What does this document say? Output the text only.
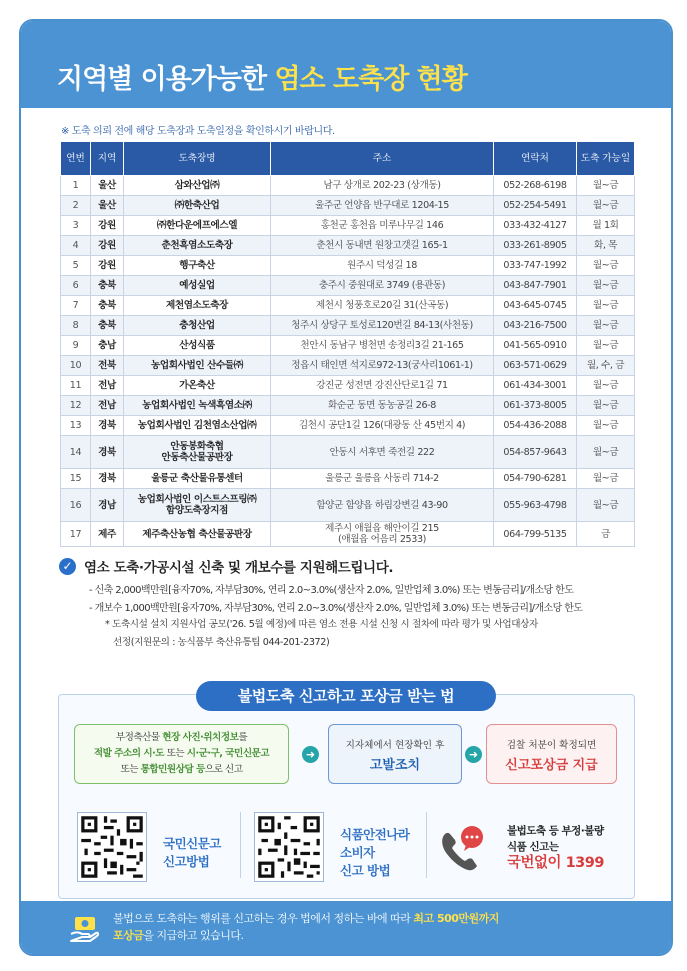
지역별 이용가능한 염소 도축장 현황
※ 도축 의뢰 전에 해당 도축장과 도축일정을 확인하시기 바랍니다.
연번	지역	도축장명	주소	연락처	도축 가능일

1	울산	삼와산업㈜	남구 상개로 202-23 (상개동)	052-268-6198	월~금

2	울산	㈜한축산업	울주군 언양읍 반구대로 1204-15	052-254-5491	월~금

3	강원	㈜한다운에프에스엘	홍천군 홍천읍 미루나무길 146	033-432-4127	월 1회

4	강원	춘천흑염소도축장	춘천시 동내면 원창고갯길 165-1	033-261-8905	화, 목

5	강원	행구축산	원주시 덕성길 18	033-747-1992	월~금

6	충북	예성실업	충주시 중원대로 3749 (용관동)	043-847-7901	월~금

7	충북	제천염소도축장	제천시 청풍호로20길 31(산곡동)	043-645-0745	월~금

8	충북	충청산업	청주시 상당구 토성로120번길 84-13(사천동)	043-216-7500	월~금

9	충남	산성식품	천안시 동남구 병천면 송정리3길 21-165	041-565-0910	월~금

10	전북	농업회사법인 산수들㈜	정읍시 태인면 석지로972-13(궁사리1061-1)	063-571-0629	월, 수, 금

11	전남	가온축산	강진군 성전면 강진산단로1길 71	061-434-3001	월~금

12	전남	농업회사법인 녹색흑염소㈜	화순군 동면 동농공길 26-8	061-373-8005	월~금

13	경북	농업회사법인 김천염소산업㈜	김천시 공단1길 126(대광동 산 45번지 4)	054-436-2088	월~금

14	경북	안동봉화축협
안동축산물공판장	안동시 서후면 죽전길 222	054-857-9643	월~금

15	경북	울릉군 축산물유통센터	울릉군 울릉읍 사동리 714-2	054-790-6281	월~금

16	경남	농업회사법인 이스트스프링㈜
함양도축장지점	함양군 함양읍 하림강변길 43-90	055-963-4798	월~금

17	제주	제주축산농협 축산물공판장	제주시 애월읍 해안이길 215
(애월읍 어음리 2533)	064-799-5135	금
✓ 염소 도축·가공시설 신축 및 개보수를 지원해드립니다.
- 신축 2,000백만원[융자70%, 자부담30%, 연리 2.0~3.0%(생산자 2.0%, 일반업체 3.0%) 또는 변동금리]/개소당 한도
- 개보수 1,000백만원[융자70%, 자부담30%, 연리 2.0~3.0%(생산자 2.0%, 일반업체 3.0%) 또는 변동금리]/개소당 한도
* 도축시설 설치 지원사업 공모('26. 5월 예정)에 따른 염소 전용 시설 신청 시 절차에 따라 평가 및 사업대상자
선정(지원문의 : 농식품부 축산유통팀 044-201-2372)
불법도축 신고하고 포상금 받는 법
부정축산물 현장 사진·위치정보를
적발 주소의 시·도 또는 시·군·구, 국민신문고
또는 통합민원상담 등으로 신고
➜
지자체에서 현장확인 후
고발조치
➜
검찰 처분이 확정되면
신고포상금 지급
국민신문고
신고방법
식품안전나라
소비자
신고 방법
불법도축 등 부정·불량
식품 신고는
국번없이 1399
불법으로 도축하는 행위를 신고하는 경우 법에서 정하는 바에 따라 최고 500만원까지
포상금을 지급하고 있습니다.
